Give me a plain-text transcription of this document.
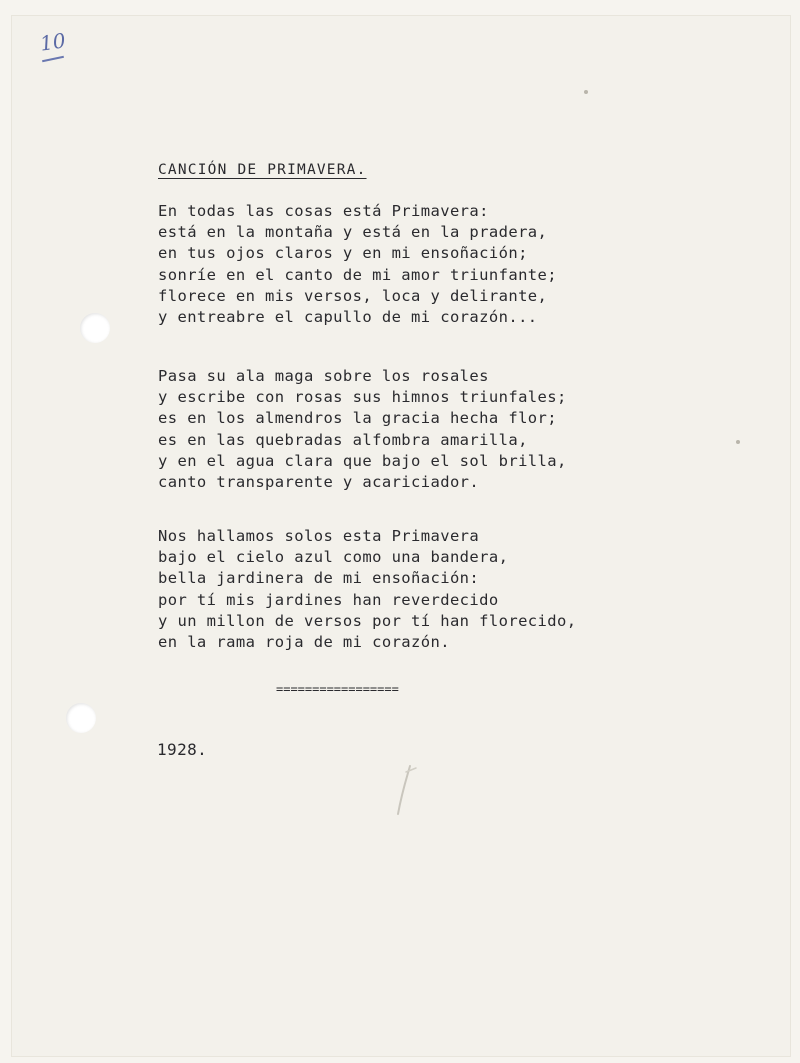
10
CANCIÓN DE PRIMAVERA.
En todas las cosas está Primavera:
está en la montaña y está en la pradera,
en tus ojos claros y en mi ensoñación;
sonríe en el canto de mi amor triunfante;
florece en mis versos, loca y delirante,
y entreabre el capullo de mi corazón...
Pasa su ala maga sobre los rosales
y escribe con rosas sus himnos triunfales;
es en los almendros la gracia hecha flor;
es en las quebradas alfombra amarilla,
y en el agua clara que bajo el sol brilla,
canto transparente y acariciador.
Nos hallamos solos esta Primavera
bajo el cielo azul como una bandera,
bella jardinera de mi ensoñación:
por tí mis jardines han reverdecido
y un millon de versos por tí han florecido,
en la rama roja de mi corazón.
=================
1928.
